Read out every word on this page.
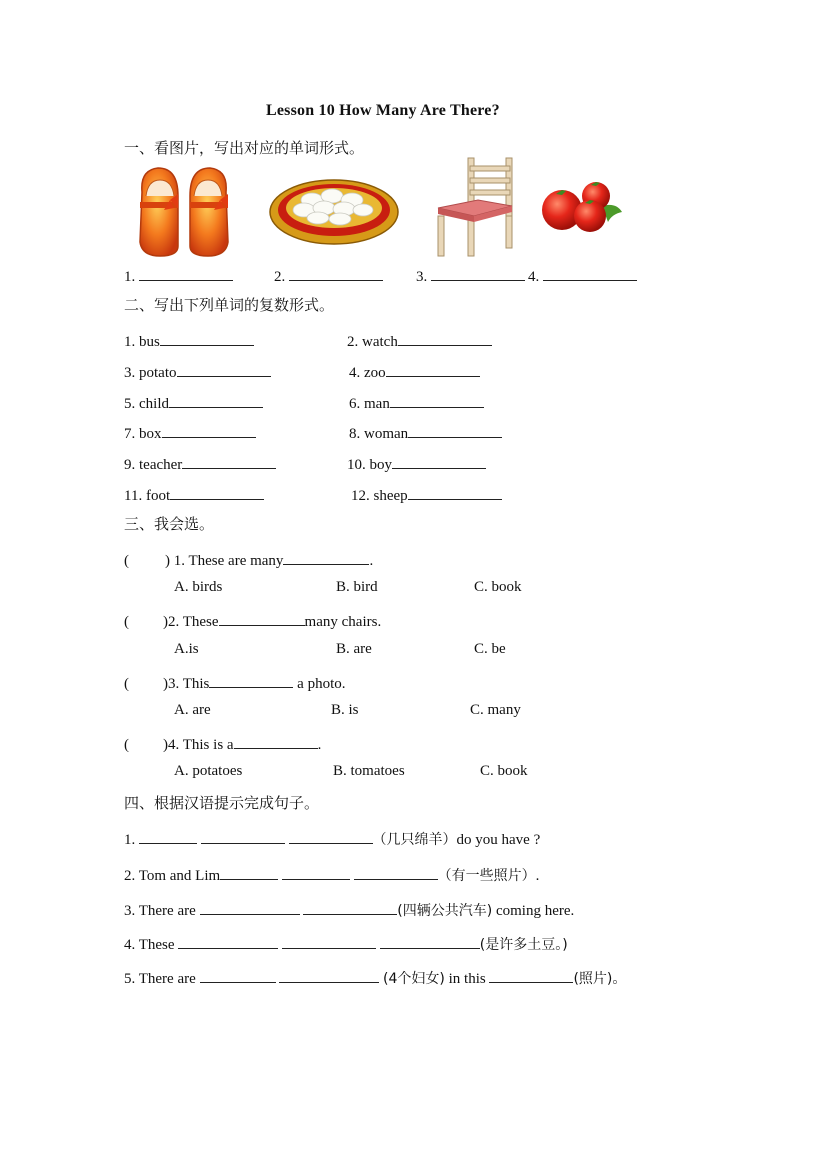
Lesson 10 How Many Are There?
一、看图片，写出对应的单词形式。
1.	2.	3.	4.
二、写出下列单词的复数形式。
1. bus	2. watch
3. potato	4. zoo
5. child	6. man
7. box	8. woman
9. teacher	10. boy
11. foot	12. sheep
三、我会选。
( ) 1. These are many	.
A. birds	B. bird	C. book
( )2. These	many chairs.
A.is	B. are	C. be
( )3. This	a photo.
A. are	B. is	C. many
( )4. This is a	.
A. potatoes	B. tomatoes	C. book
四、根据汉语提示完成句子。
1.	（几只绵羊）do you have ?
2. Tom and Lim	（有一些照片）.
3. There are	(四辆公共汽车) coming here.
4. These	(是许多土豆。)
5. There are	(4个妇女) in this	(照片)。
